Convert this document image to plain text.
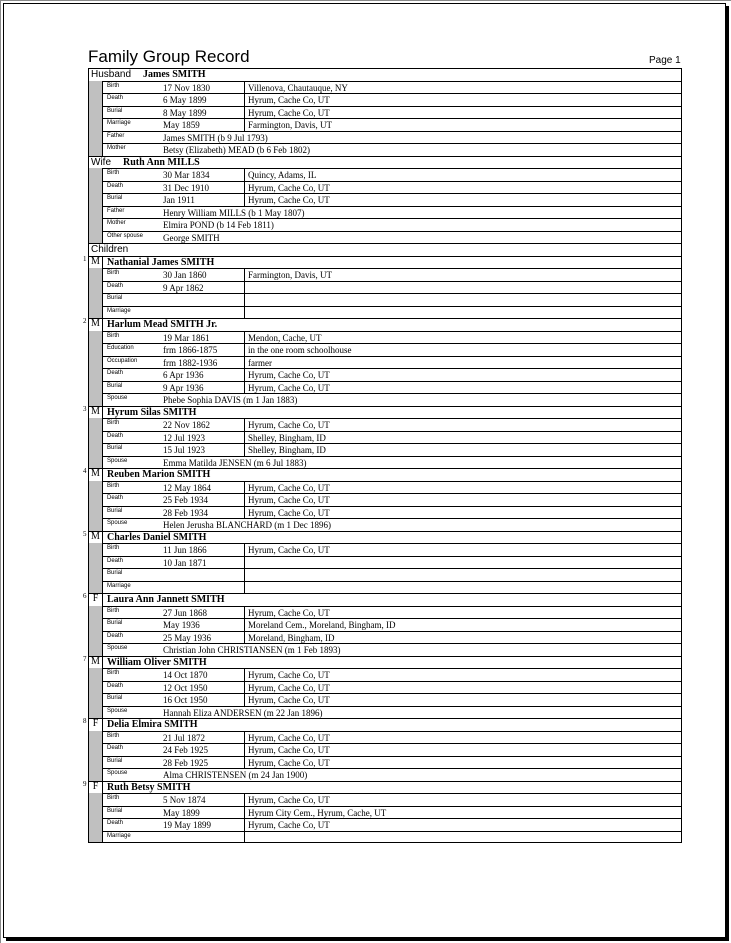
Family Group Record	Page 1
Husband James SMITH
Birth	17 Nov 1830	Villenova, Chautauque, NY
Death	6 May 1899	Hyrum, Cache Co, UT
Burial	8 May 1899	Hyrum, Cache Co, UT
Marriage	May 1859	Farmington, Davis, UT
Father	James SMITH (b 9 Jul 1793)
Mother	Betsy (Elizabeth) MEAD (b 6 Feb 1802)
Wife Ruth Ann MILLS
Birth	30 Mar 1834	Quincy, Adams, IL
Death	31 Dec 1910	Hyrum, Cache Co, UT
Burial	Jan 1911	Hyrum, Cache Co, UT
Father	Henry William MILLS (b 1 May 1807)
Mother	Elmira POND (b 14 Feb 1811)
Other spouse George SMITH
Children
1 M Nathanial James SMITH
Birth	30 Jan 1860	Farmington, Davis, UT
Death	9 Apr 1862
Burial
Marriage
2 M Harlum Mead SMITH Jr.
Birth	19 Mar 1861	Mendon, Cache, UT
Education	frm 1866-1875	in the one room schoolhouse
Occupation	frm 1882-1936	farmer
Death	6 Apr 1936	Hyrum, Cache Co, UT
Burial	9 Apr 1936	Hyrum, Cache Co, UT
Spouse	Phebe Sophia DAVIS (m 1 Jan 1883)
3 M Hyrum Silas SMITH
Birth	22 Nov 1862	Hyrum, Cache Co, UT
Death	12 Jul 1923	Shelley, Bingham, ID
Burial	15 Jul 1923	Shelley, Bingham, ID
Spouse	Emma Matilda JENSEN (m 6 Jul 1883)
4 M Reuben Marion SMITH
Birth	12 May 1864	Hyrum, Cache Co, UT
Death	25 Feb 1934	Hyrum, Cache Co, UT
Burial	28 Feb 1934	Hyrum, Cache Co, UT
Spouse	Helen Jerusha BLANCHARD (m 1 Dec 1896)
5 M Charles Daniel SMITH
Birth	11 Jun 1866	Hyrum, Cache Co, UT
Death	10 Jan 1871
Burial
Marriage
6 F Laura Ann Jannett SMITH
Birth	27 Jun 1868	Hyrum, Cache Co, UT
Burial	May 1936	Moreland Cem., Moreland, Bingham, ID
Death	25 May 1936	Moreland, Bingham, ID
Spouse	Christian John CHRISTIANSEN (m 1 Feb 1893)
7 M William Oliver SMITH
Birth	14 Oct 1870	Hyrum, Cache Co, UT
Death	12 Oct 1950	Hyrum, Cache Co, UT
Burial	16 Oct 1950	Hyrum, Cache Co, UT
Spouse	Hannah Eliza ANDERSEN (m 22 Jan 1896)
8 F Delia Elmira SMITH
Birth	21 Jul 1872	Hyrum, Cache Co, UT
Death	24 Feb 1925	Hyrum, Cache Co, UT
Burial	28 Feb 1925	Hyrum, Cache Co, UT
Spouse	Alma CHRISTENSEN (m 24 Jan 1900)
9 F Ruth Betsy SMITH
Birth	5 Nov 1874	Hyrum, Cache Co, UT
Burial	May 1899	Hyrum City Cem., Hyrum, Cache, UT
Death	19 May 1899	Hyrum, Cache Co, UT
Marriage
